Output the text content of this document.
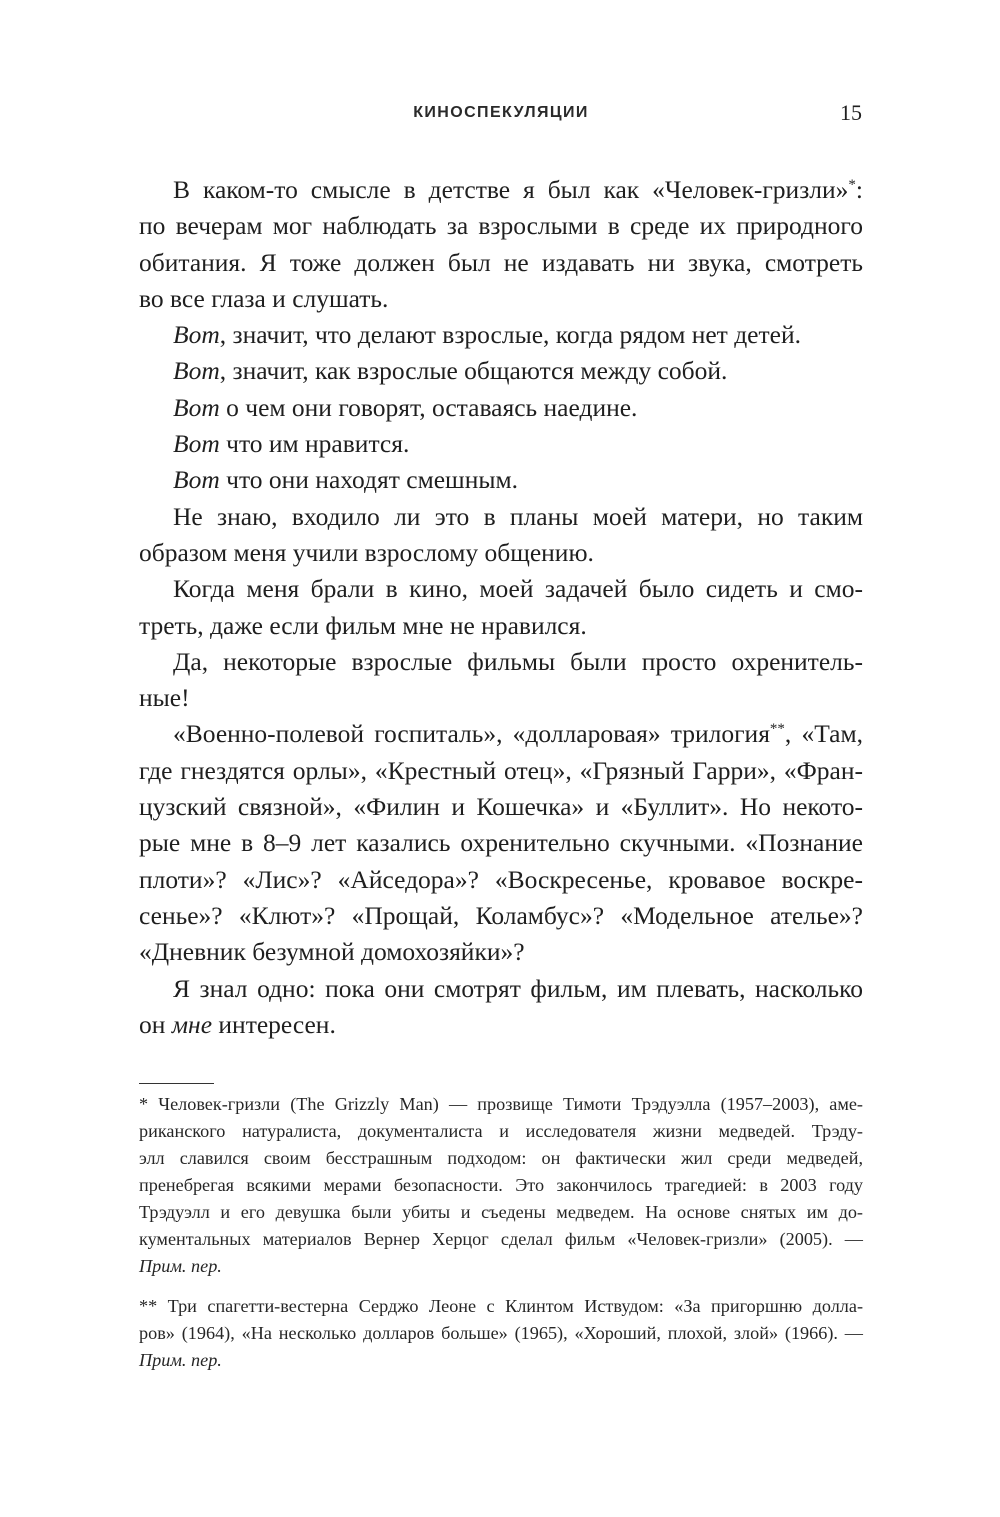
КИНОСПЕКУЛЯЦИИ	15
В каком-то смысле в детстве я был как «Человек-гризли»*:
по вечерам мог наблюдать за взрослыми в среде их природного
обитания. Я тоже должен был не издавать ни звука, смотреть
во все глаза и слушать.
Вот, значит, что делают взрослые, когда рядом нет детей.
Вот, значит, как взрослые общаются между собой.
Вот о чем они говорят, оставаясь наедине.
Вот что им нравится.
Вот что они находят смешным.
Не знаю, входило ли это в планы моей матери, но таким
образом меня учили взрослому общению.
Когда меня брали в кино, моей задачей было сидеть и смо-
треть, даже если фильм мне не нравился.
Да, некоторые взрослые фильмы были просто охренитель-
ные!
«Военно-полевой госпиталь», «долларовая» трилогия**, «Там,
где гнездятся орлы», «Крестный отец», «Грязный Гарри», «Фран-
цузский связной», «Филин и Кошечка» и «Буллит». Но некото-
рые мне в 8–9 лет казались охренительно скучными. «Познание
плоти»? «Лис»? «Айседора»? «Воскресенье, кровавое воскре-
сенье»? «Клют»? «Прощай, Коламбус»? «Модельное ателье»?
«Дневник безумной домохозяйки»?
Я знал одно: пока они смотрят фильм, им плевать, насколько
он мне интересен.
* Человек-гризли (The Grizzly Man) — прозвище Тимоти Трэдуэлла (1957–2003), аме-
риканского натуралиста, документалиста и исследователя жизни медведей. Трэду-
элл славился своим бесстрашным подходом: он фактически жил среди медведей,
пренебрегая всякими мерами безопасности. Это закончилось трагедией: в 2003 году
Трэдуэлл и его девушка были убиты и съедены медведем. На основе снятых им до-
кументальных материалов Вернер Херцог сделал фильм «Человек-гризли» (2005). —
Прим. пер.
** Три спагетти-вестерна Серджо Леоне с Клинтом Иствудом: «За пригоршню долла-
ров» (1964), «На несколько долларов больше» (1965), «Хороший, плохой, злой» (1966). —
Прим. пер.
